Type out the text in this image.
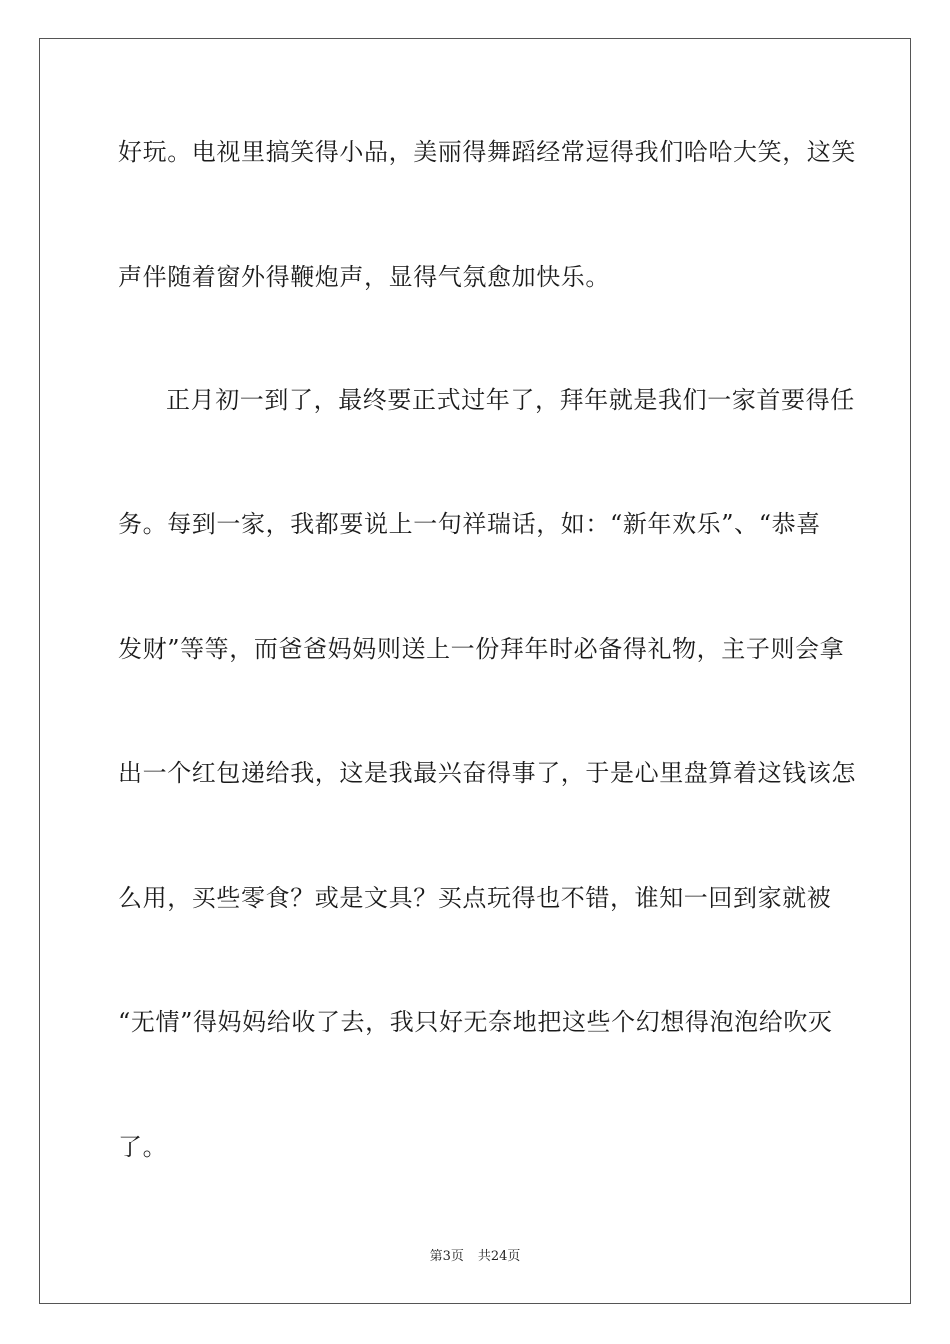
好玩。电视里搞笑得小品，美丽得舞蹈经常逗得我们哈哈大笑，这笑
声伴随着窗外得鞭炮声，显得气氛愈加快乐。
正月初一到了，最终要正式过年了，拜年就是我们一家首要得任
务。每到一家，我都要说上一句祥瑞话，如：“新年欢乐”、“恭喜
发财”等等，而爸爸妈妈则送上一份拜年时必备得礼物，主子则会拿
出一个红包递给我，这是我最兴奋得事了，于是心里盘算着这钱该怎
么用，买些零食？或是文具？买点玩得也不错，谁知一回到家就被
“无情”得妈妈给收了去，我只好无奈地把这些个幻想得泡泡给吹灭
了。
第3页 共24页
